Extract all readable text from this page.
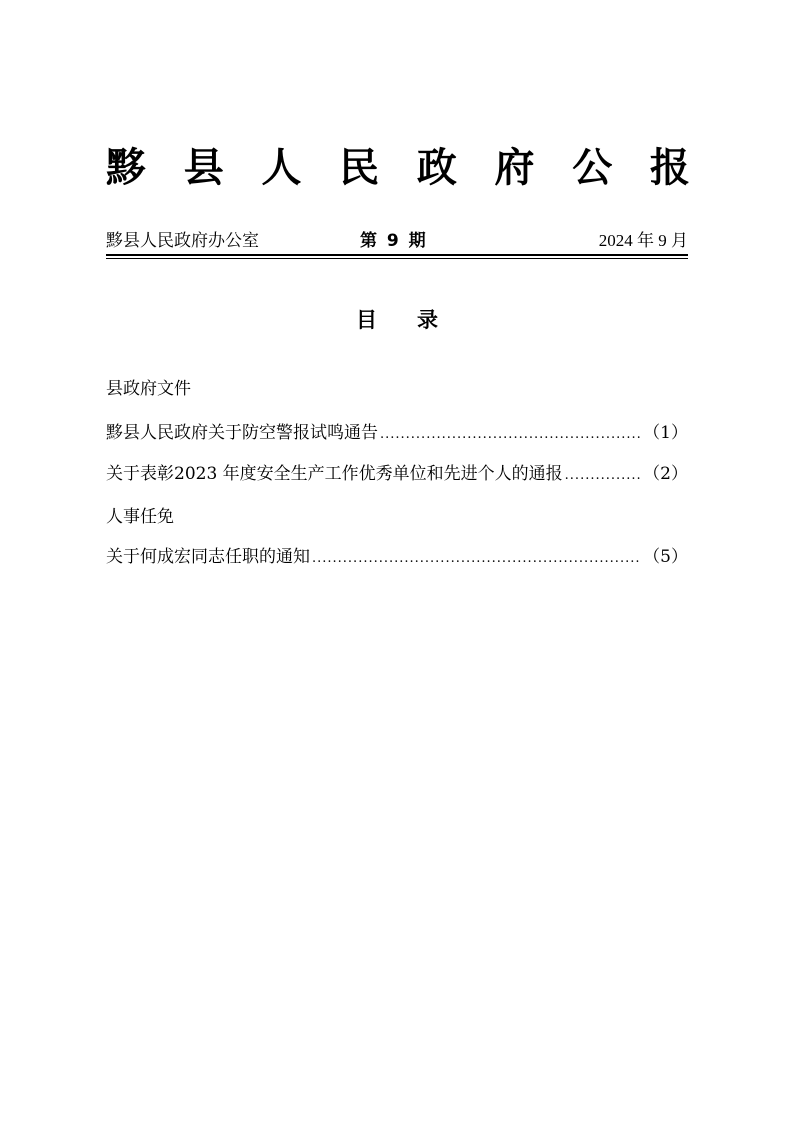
黟 县 人 民 政 府 公 报
黟县人民政府办公室	第 9 期	2024 年 9 月
目录
县政府文件
黟县人民政府关于防空警报试鸣通告 .....	（1）
关于表彰2023 年度安全生产工作优秀单位和先进个人的通报 .....	（2）
人事任免
关于何成宏同志任职的通知 .....	（5）
